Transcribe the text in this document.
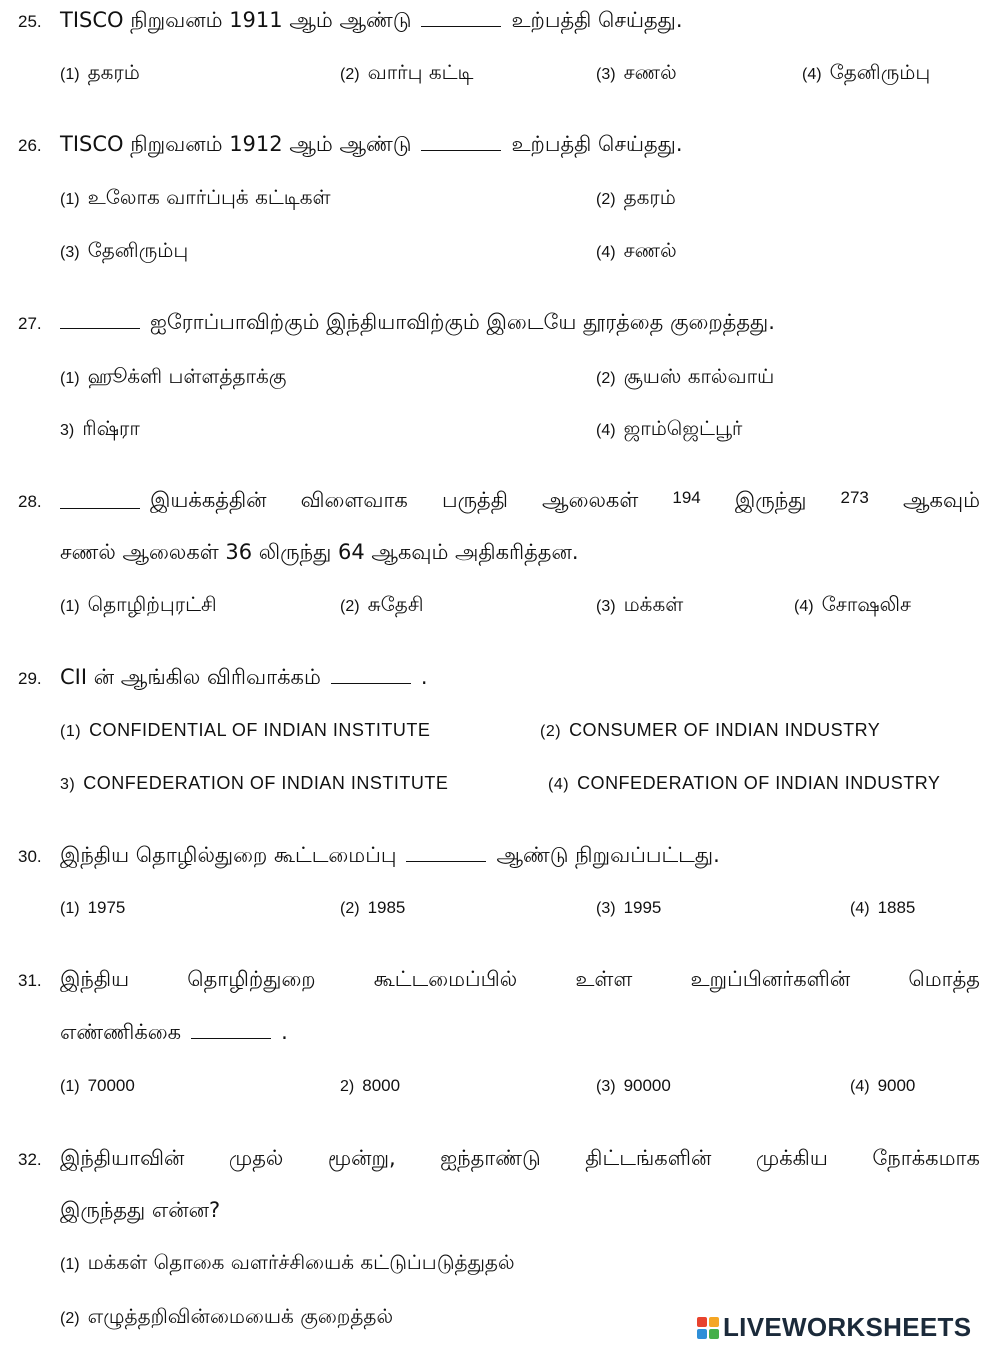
25. TISCO நிறுவனம் 1911 ஆம் ஆண்டு	உற்பத்தி செய்தது.
(1) தகரம்	(2) வார்பு கட்டி	(3) சணல்	(4) தேனிரும்பு
26. TISCO நிறுவனம் 1912 ஆம் ஆண்டு	உற்பத்தி செய்தது.
(1) உலோக வார்ப்புக் கட்டிகள்	(2) தகரம்
(3) தேனிரும்பு	(4) சணல்
27.	ஐரோப்பாவிற்கும் இந்தியாவிற்கும் இடையே தூரத்தை குறைத்தது.
(1) ஹூக்ளி பள்ளத்தாக்கு	(2) சூயஸ் கால்வாய்
3) ரிஷ்ரா	(4) ஜாம்ஜெட்பூர்
28.	இயக்கத்தின் விளைவாக பருத்தி ஆலைகள் 194 இருந்து 273 ஆகவும்
சணல் ஆலைகள் 36 லிருந்து 64 ஆகவும் அதிகரித்தன.
(1) தொழிற்புரட்சி	(2) சுதேசி	(3) மக்கள்	(4) சோஷலிச
29. CII ன் ஆங்கில விரிவாக்கம்	.
(1) CONFIDENTIAL OF INDIAN INSTITUTE	(2) CONSUMER OF INDIAN INDUSTRY
3) CONFEDERATION OF INDIAN INSTITUTE	(4) CONFEDERATION OF INDIAN INDUSTRY
30. இந்திய தொழில்துறை கூட்டமைப்பு	ஆண்டு நிறுவப்பட்டது.
(1) 1975	(2) 1985	(3) 1995	(4) 1885
31. இந்திய	தொழிற்துறை	கூட்டமைப்பில்	உள்ள	உறுப்பினர்களின்	மொத்த
எண்ணிக்கை	.
(1) 70000	2) 8000	(3) 90000	(4) 9000
32. இந்தியாவின் முதல் மூன்று, ஐந்தாண்டு திட்டங்களின் முக்கிய நோக்கமாக
இருந்தது என்ன?
(1) மக்கள் தொகை வளர்ச்சியைக் கட்டுப்படுத்துதல்
(2) எழுத்தறிவின்மையைக் குறைத்தல்	LIVEWORKSHEETS
